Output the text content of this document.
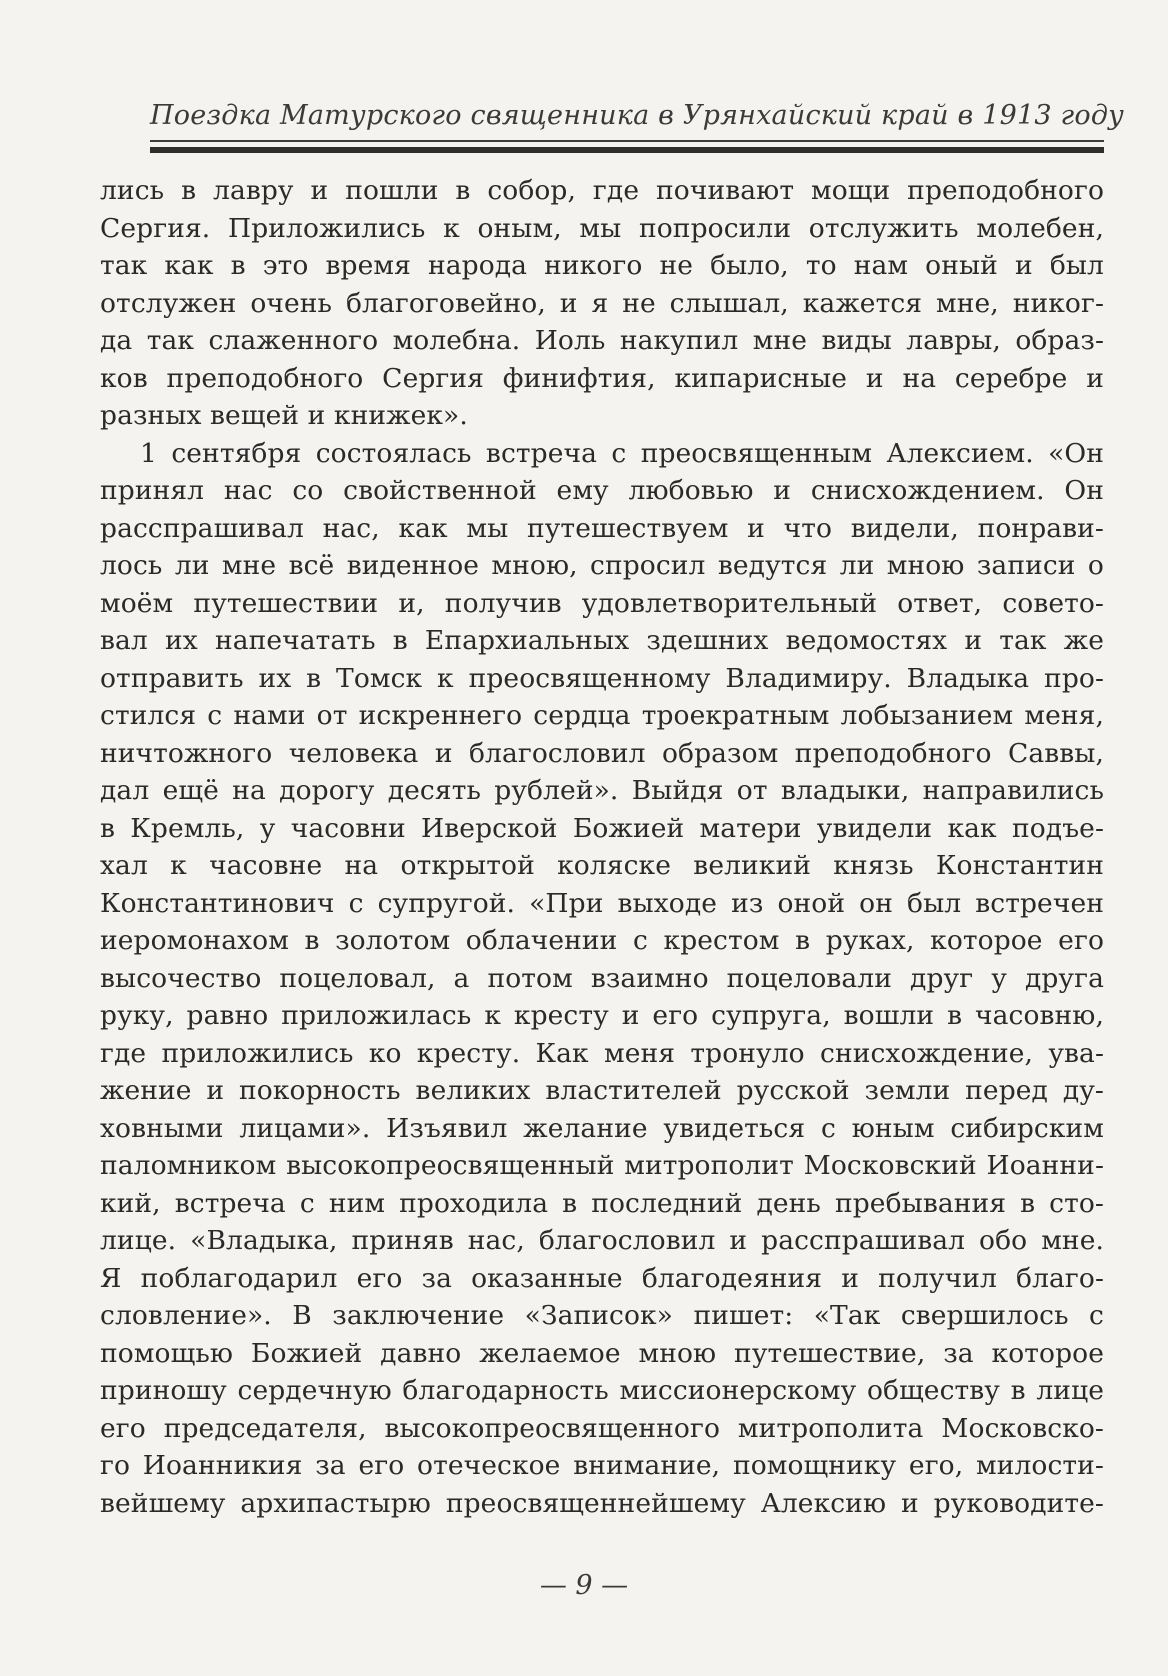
Поездка Матурского священника в Урянхайский край в 1913 году
лись в лавру и пошли в собор, где почивают мощи преподобного
Сергия. Приложились к оным, мы попросили отслужить молебен,
так как в это время народа никого не было, то нам оный и был
отслужен очень благоговейно, и я не слышал, кажется мне, никог-
да так слаженного молебна. Иоль накупил мне виды лавры, образ-
ков преподобного Сергия финифтия, кипарисные и на серебре и
разных вещей и книжек».
1 сентября состоялась встреча с преосвященным Алексием. «Он
принял нас со свойственной ему любовью и снисхождением. Он
расспрашивал нас, как мы путешествуем и что видели, понрави-
лось ли мне всё виденное мною, спросил ведутся ли мною записи о
моём путешествии и, получив удовлетворительный ответ, совето-
вал их напечатать в Епархиальных здешних ведомостях и так же
отправить их в Томск к преосвященному Владимиру. Владыка про-
стился с нами от искреннего сердца троекратным лобызанием меня,
ничтожного человека и благословил образом преподобного Саввы,
дал ещё на дорогу десять рублей». Выйдя от владыки, направились
в Кремль, у часовни Иверской Божией матери увидели как подъе-
хал к часовне на открытой коляске великий князь Константин
Константинович с супругой. «При выходе из оной он был встречен
иеромонахом в золотом облачении с крестом в руках, которое его
высочество поцеловал, а потом взаимно поцеловали друг у друга
руку, равно приложилась к кресту и его супруга, вошли в часовню,
где приложились ко кресту. Как меня тронуло снисхождение, ува-
жение и покорность великих властителей русской земли перед ду-
ховными лицами». Изъявил желание увидеться с юным сибирским
паломником высокопреосвященный митрополит Московский Иоанни-
кий, встреча с ним проходила в последний день пребывания в сто-
лице. «Владыка, приняв нас, благословил и расспрашивал обо мне.
Я поблагодарил его за оказанные благодеяния и получил благо-
словление». В заключение «Записок» пишет: «Так свершилось с
помощью Божией давно желаемое мною путешествие, за которое
приношу сердечную благодарность миссионерскому обществу в лице
его председателя, высокопреосвященного митрополита Московско-
го Иоанникия за его отеческое внимание, помощнику его, милости-
вейшему архипастырю преосвященнейшему Алексию и руководите-
— 9 —
